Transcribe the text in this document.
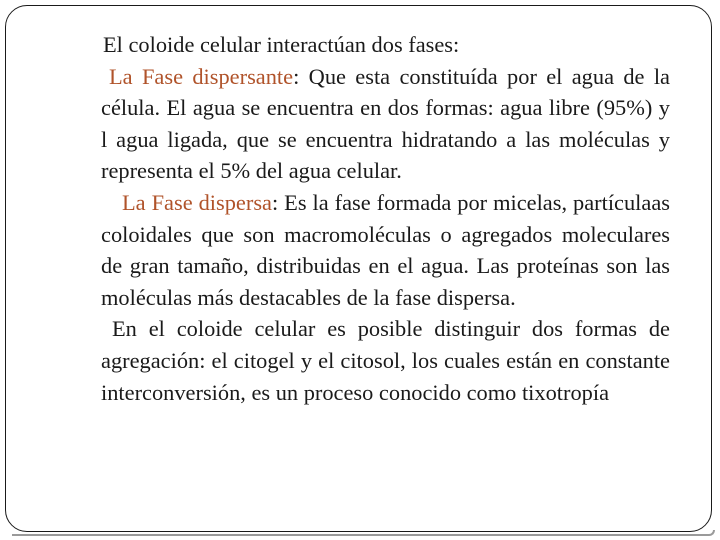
El coloide celular interactúan dos fases:

La Fase dispersante: Que esta constituída por el agua de la célula. El agua se encuentra en dos formas: agua libre (95%) y l agua ligada, que se encuentra hidratando a las moléculas y representa el 5% del agua celular.

La Fase dispersa: Es la fase formada por micelas, partículaas coloidales que son macromoléculas o agregados moleculares de gran tamaño, distribuidas en el agua. Las proteínas son las moléculas más destacables de la fase dispersa.

En el coloide celular es posible distinguir dos formas de agregación: el citogel y el citosol, los cuales están en constante interconversión, es un proceso conocido como tixotropía
